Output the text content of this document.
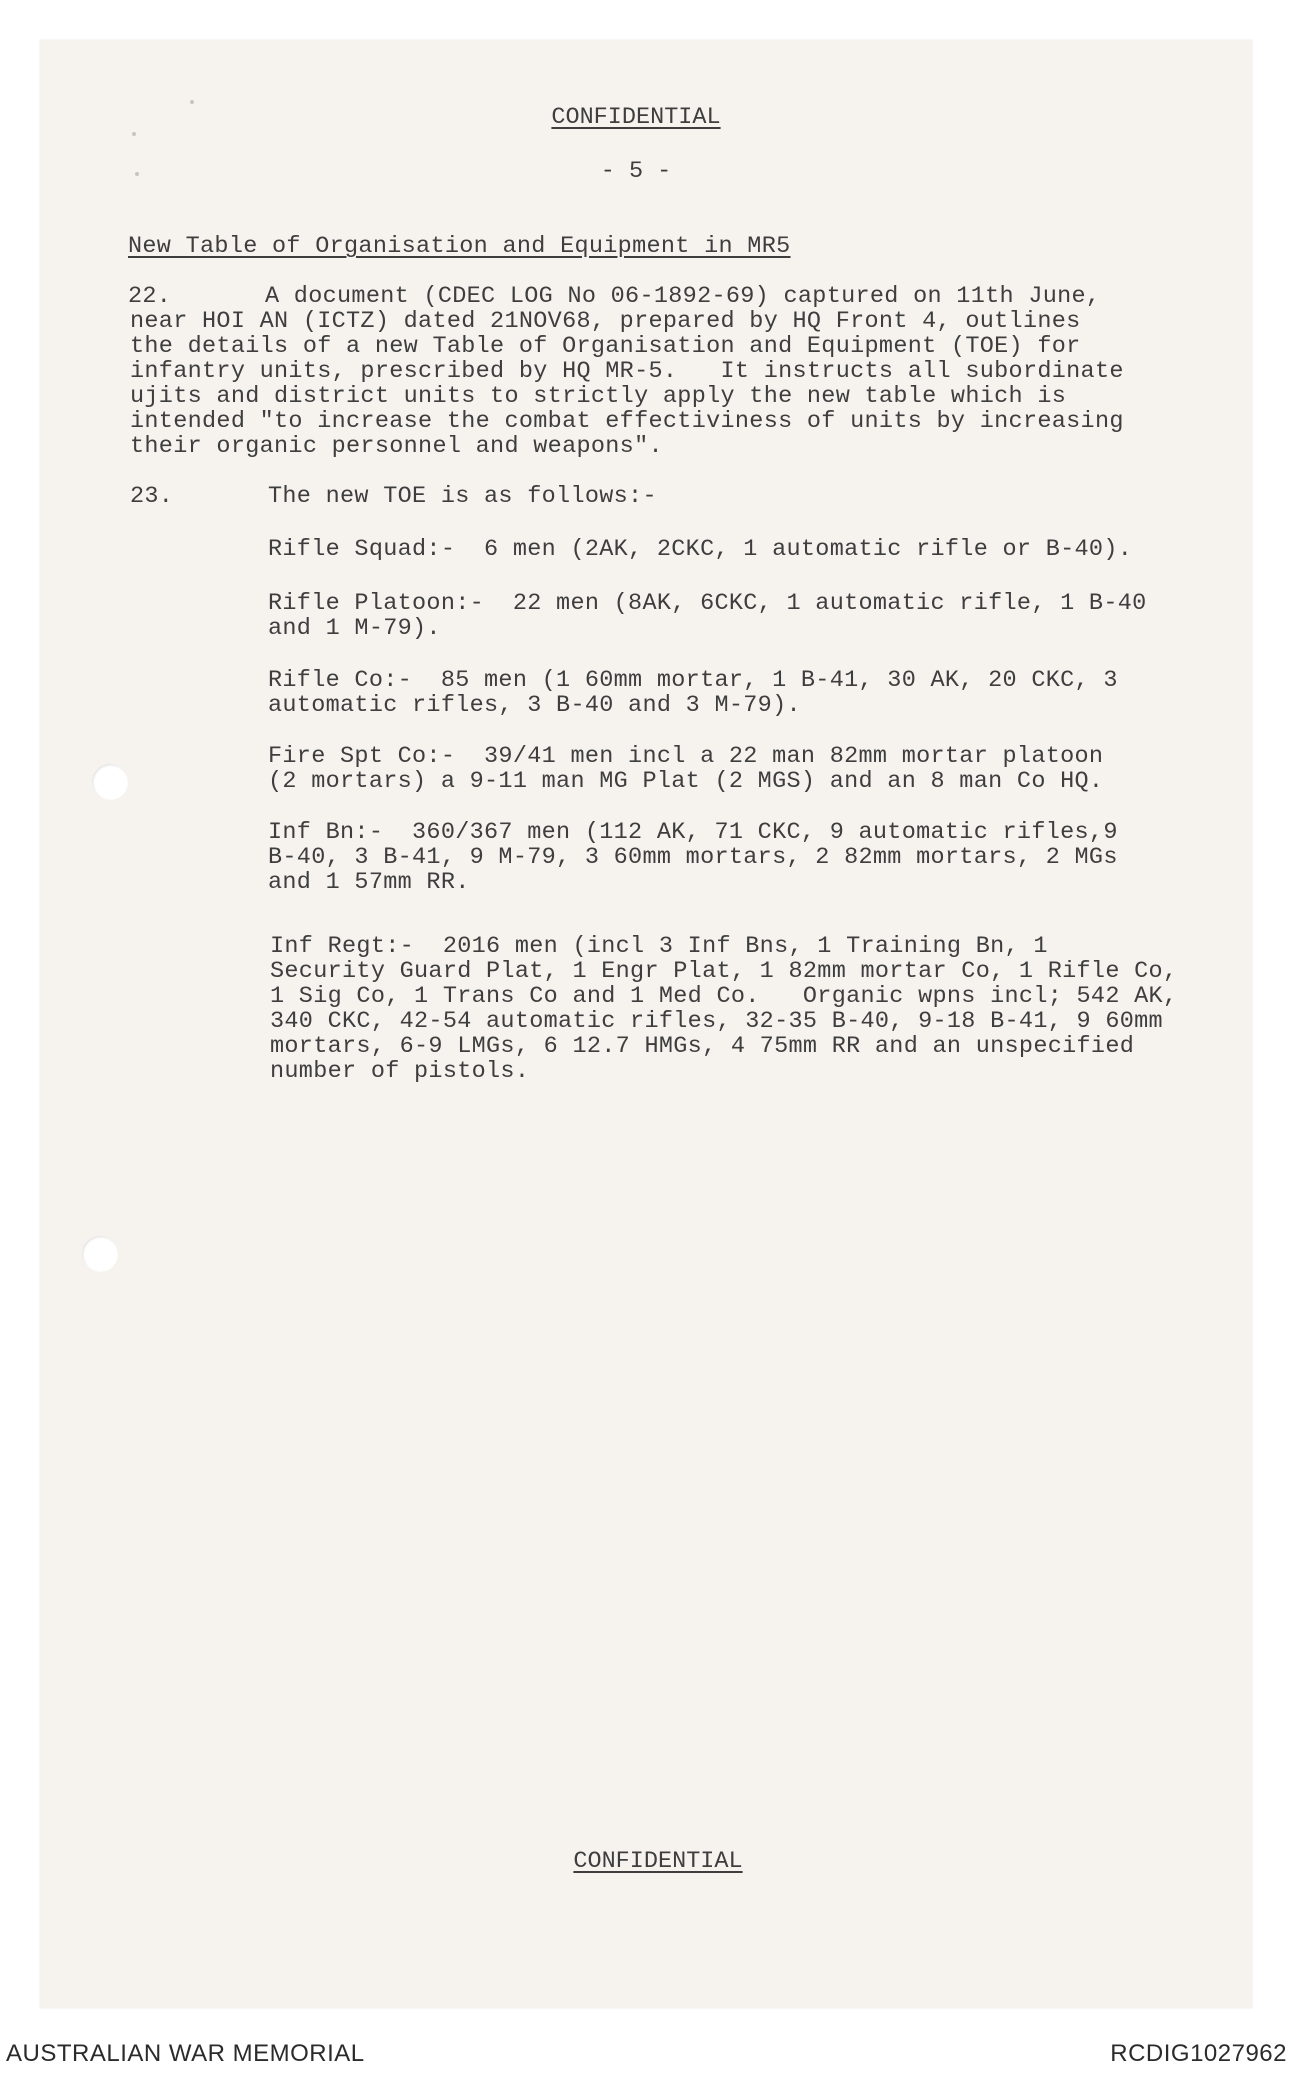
CONFIDENTIAL
- 5 -
New Table of Organisation and Equipment in MR5
22.	A document (CDEC LOG No 06-1892-69) captured on 11th June,
near HOI AN (ICTZ) dated 21NOV68, prepared by HQ Front 4, outlines
the details of a new Table of Organisation and Equipment (TOE) for
infantry units, prescribed by HQ MR-5.   It instructs all subordinate
ujits and district units to strictly apply the new table which is
intended "to increase the combat effectiviness of units by increasing
their organic personnel and weapons".
23.	The new TOE is as follows:-
Rifle Squad:-  6 men (2AK, 2CKC, 1 automatic rifle or B-40).
Rifle Platoon:-  22 men (8AK, 6CKC, 1 automatic rifle, 1 B-40
and 1 M-79).
Rifle Co:-  85 men (1 60mm mortar, 1 B-41, 30 AK, 20 CKC, 3
automatic rifles, 3 B-40 and 3 M-79).
Fire Spt Co:-  39/41 men incl a 22 man 82mm mortar platoon
(2 mortars) a 9-11 man MG Plat (2 MGS) and an 8 man Co HQ.
Inf Bn:-  360/367 men (112 AK, 71 CKC, 9 automatic rifles,9
B-40, 3 B-41, 9 M-79, 3 60mm mortars, 2 82mm mortars, 2 MGs
and 1 57mm RR.
Inf Regt:-  2016 men (incl 3 Inf Bns, 1 Training Bn, 1
Security Guard Plat, 1 Engr Plat, 1 82mm mortar Co, 1 Rifle Co,
1 Sig Co, 1 Trans Co and 1 Med Co.   Organic wpns incl; 542 AK,
340 CKC, 42-54 automatic rifles, 32-35 B-40, 9-18 B-41, 9 60mm
mortars, 6-9 LMGs, 6 12.7 HMGs, 4 75mm RR and an unspecified
number of pistols.
CONFIDENTIAL
AUSTRALIAN WAR MEMORIAL	RCDIG1027962
